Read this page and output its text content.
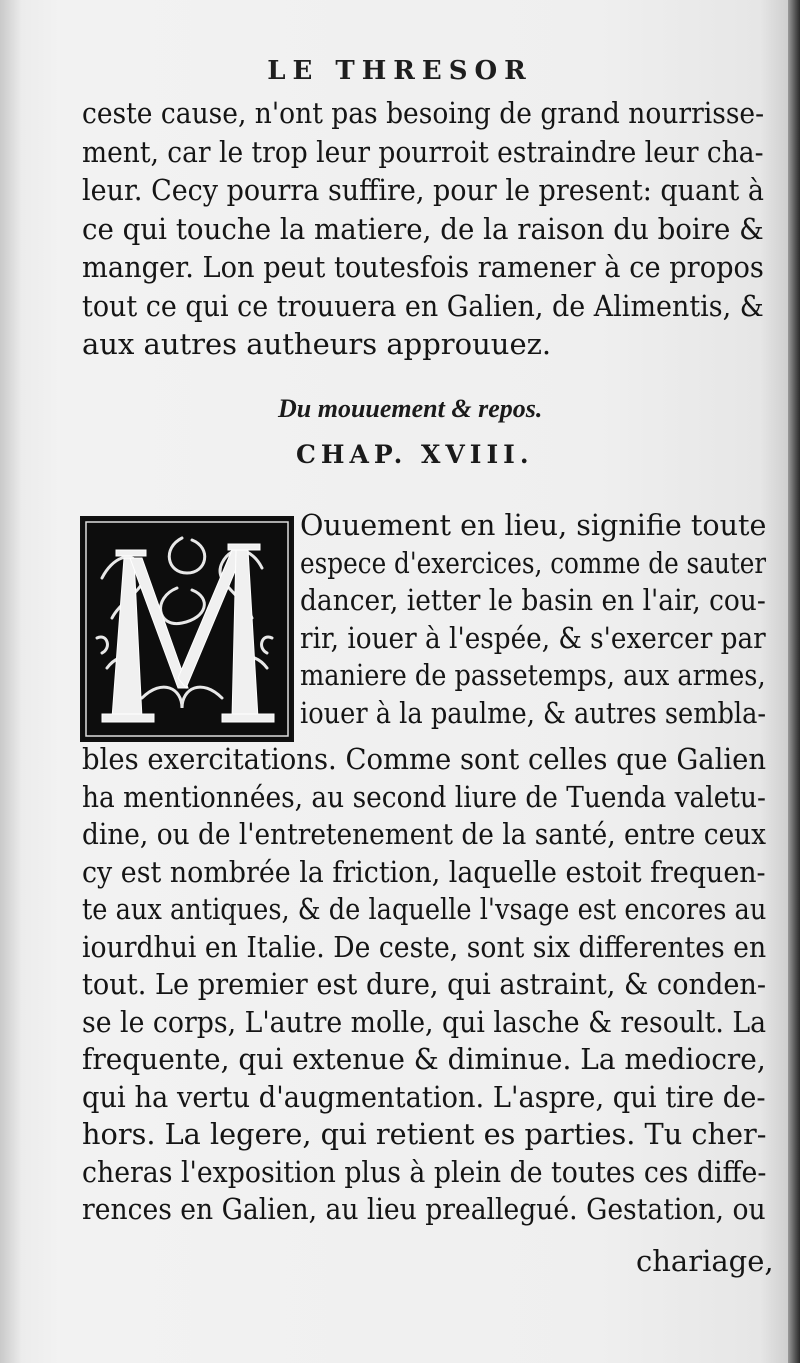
LE THRESOR
ceste cause, n'ont pas besoing de grand nourrisse-
ment, car le trop leur pourroit estraindre leur cha-
leur. Cecy pourra suffire, pour le present: quant à
ce qui touche la matiere, de la raison du boire &
manger. Lon peut toutesfois ramener à ce propos
tout ce qui ce trouuera en Galien, de Alimentis, &
aux autres autheurs approuuez.
Du mouuement & repos.
CHAP. XVIII.
M	Ouuement en lieu, signifie toute
espece d'exercices, comme de sauter
dancer, ietter le basin en l'air, cou-
rir, iouer à l'espée, & s'exercer par
maniere de passetemps, aux armes,
iouer à la paulme, & autres sembla-
bles exercitations. Comme sont celles que Galien
ha mentionnées, au second liure de Tuenda valetu-
dine, ou de l'entretenement de la santé, entre ceux
cy est nombrée la friction, laquelle estoit frequen-
te aux antiques, & de laquelle l'vsage est encores au
iourdhui en Italie. De ceste, sont six differentes en
tout. Le premier est dure, qui astraint, & conden-
se le corps, L'autre molle, qui lasche & resoult. La
frequente, qui extenue & diminue. La mediocre,
qui ha vertu d'augmentation. L'aspre, qui tire de-
hors. La legere, qui retient es parties. Tu cher-
cheras l'exposition plus à plein de toutes ces diffe-
rences en Galien, au lieu preallegué. Gestation, ou
chariage,
